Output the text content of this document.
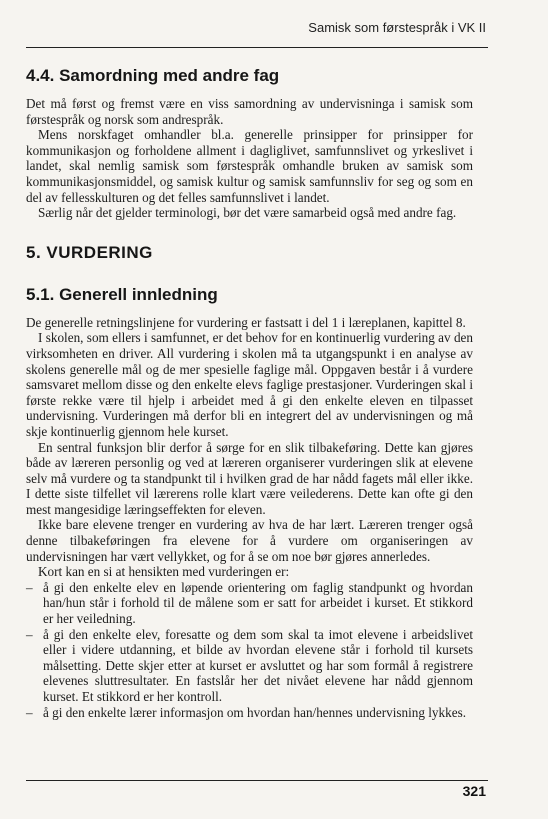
Samisk som førstespråk i VK II
4.4. Samordning med andre fag

Det må først og fremst være en viss samordning av undervisninga i samisk som førstespråk og norsk som andrespråk.

Mens norskfaget omhandler bl.a. generelle prinsipper for prinsipper for kommunikasjon og forholdene allment i dagliglivet, samfunnslivet og yrkeslivet i landet, skal nemlig samisk som førstespråk omhandle bruken av samisk som kommunikasjonsmiddel, og samisk kultur og samisk samfunnsliv for seg og som en del av fellesskulturen og det felles samfunnslivet i landet.

Særlig når det gjelder terminologi, bør det være samarbeid også med andre fag.

5. VURDERING
5.1. Generell innledning

De generelle retningslinjene for vurdering er fastsatt i del 1 i læreplanen, kapittel 8.

I skolen, som ellers i samfunnet, er det behov for en kontinuerlig vurdering av den virksomheten en driver. All vurdering i skolen må ta utgangspunkt i en analyse av skolens generelle mål og de mer spesielle faglige mål. Oppgaven består i å vurdere samsvaret mellom disse og den enkelte elevs faglige prestasjoner. Vurderingen skal i første rekke være til hjelp i arbeidet med å gi den enkelte eleven en tilpasset undervisning. Vurderingen må derfor bli en integrert del av undervisningen og må skje kontinuerlig gjennom hele kurset.

En sentral funksjon blir derfor å sørge for en slik tilbakeføring. Dette kan gjøres både av læreren personlig og ved at læreren organiserer vurderingen slik at elevene selv må vurdere og ta standpunkt til i hvilken grad de har nådd fagets mål eller ikke. I dette siste tilfellet vil lærerens rolle klart være veilederens. Dette kan ofte gi den mest mangesidige læringseffekten for eleven.

Ikke bare elevene trenger en vurdering av hva de har lært. Læreren trenger også denne tilbakeføringen fra elevene for å vurdere om organiseringen av undervisningen har vært vellykket, og for å se om noe bør gjøres annerledes.

Kort kan en si at hensikten med vurderingen er:

– å gi den enkelte elev en løpende orientering om faglig standpunkt og hvordan han/hun står i forhold til de målene som er satt for arbeidet i kurset. Et stikkord er her veiledning.
– å gi den enkelte elev, foresatte og dem som skal ta imot elevene i arbeidslivet eller i videre utdanning, et bilde av hvordan elevene står i forhold til kursets målsetting. Dette skjer etter at kurset er avsluttet og har som formål å registrere elevenes sluttresultater. En fastslår her det nivået elevene har nådd gjennom kurset. Et stikkord er her kontroll.
– å gi den enkelte lærer informasjon om hvordan han/hennes undervisning lykkes.
321
